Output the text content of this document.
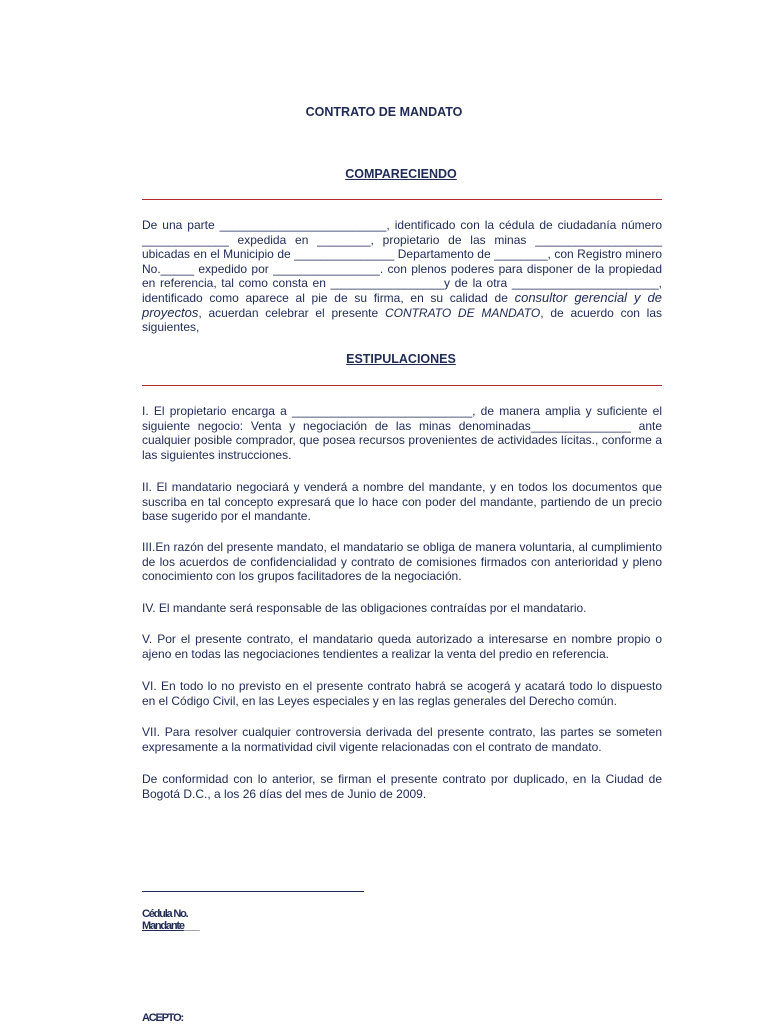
CONTRATO DE MANDATO
COMPARECIENDO

De una parte _________________________, identificado con la cédula de ciudadanía número _____________ expedida en ________, propietario de las minas ___________________ ubicadas en el Municipio de _______________ Departamento de ________, con Registro minero No._____ expedido por ________________. con plenos poderes para disponer de la propiedad en referencia, tal como consta en _________________y de la otra ______________________, identificado como aparece al pie de su firma, en su calidad de consultor gerencial y de proyectos, acuerdan celebrar el presente CONTRATO DE MANDATO, de acuerdo con las siguientes,

ESTIPULACIONES

I. El propietario encarga a ___________________________, de manera amplia y suficiente el siguiente negocio: Venta y negociación de las minas denominadas_______________ ante cualquier posible comprador, que posea recursos provenientes de actividades lícitas., conforme a las siguientes instrucciones.

II. El mandatario negociará y venderá a nombre del mandante, y en todos los documentos que suscriba en tal concepto expresará que lo hace con poder del mandante, partiendo de un precio base sugerido por el mandante.

III.En razón del presente mandato, el mandatario se obliga de manera voluntaria, al cumplimiento de los acuerdos de confidencialidad y contrato de comisiones firmados con anterioridad y pleno conocimiento con los grupos facilitadores de la negociación.

IV. El mandante será responsable de las obligaciones contraídas por el mandatario.

V. Por el presente contrato, el mandatario queda autorizado a interesarse en nombre propio o ajeno en todas las negociaciones tendientes a realizar la venta del predio en referencia.

VI. En todo lo no previsto en el presente contrato habrá se acogerá y acatará todo lo dispuesto en el Código Civil, en las Leyes especiales y en las reglas generales del Derecho común.

VII. Para resolver cualquier controversia derivada del presente contrato, las partes se someten expresamente a la normatividad civil vigente relacionadas con el contrato de mandato.

De conformidad con lo anterior, se firman el presente contrato por duplicado, en la Ciudad de Bogotá D.C., a los 26 días del mes de Junio de 2009.

Cédula No.
Mandante___
ACEPTO:
